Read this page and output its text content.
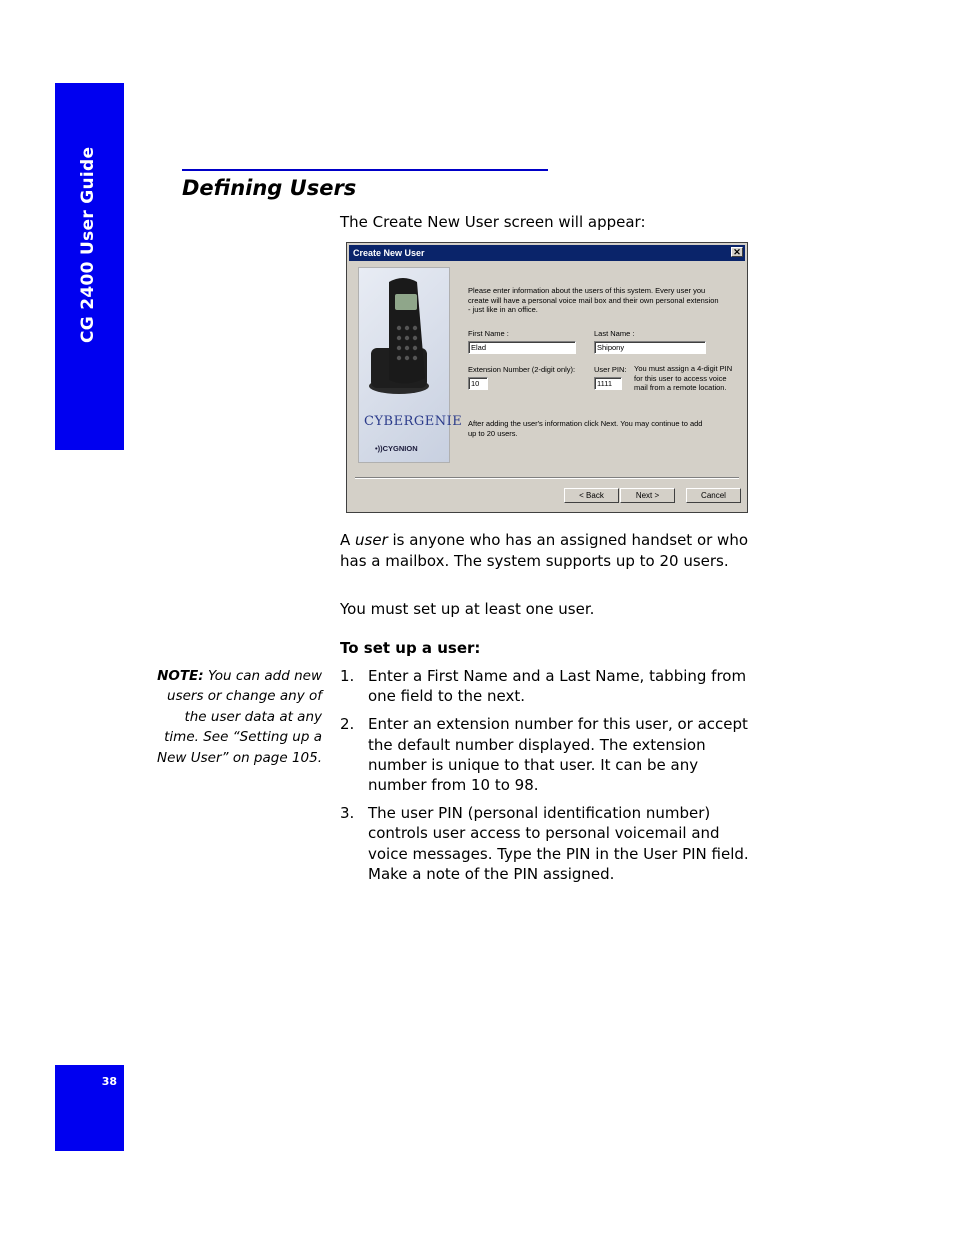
CG 2400 User Guide
38
Defining Users
The Create New User screen will appear:
Create New User	✕
CYBERGENIE
•))CYGNION
Please enter information about the users of this system. Every user you create will have a personal voice mail box and their own personal extension - just like in an office.
First Name :
Elad
Last Name :
Shipony
Extension Number (2-digit only):
10
User PIN:
1111
You must assign a 4-digit PIN for this user to access voice mail from a remote location.
After adding the user's information click Next. You may continue to add up to 20 users.
< Back	Next >	Cancel

A user is anyone who has an assigned handset or who has a mailbox. The system supports up to 20 users.

You must set up at least one user.

To set up a user:
NOTE: You can add new users or change any of the user data at any time. See “Setting up a New User” on page 105.
1. Enter a First Name and a Last Name, tabbing from one field to the next.
2. Enter an extension number for this user, or accept the default number displayed. The extension number is unique to that user. It can be any number from 10 to 98.
3. The user PIN (personal identification number) controls user access to personal voicemail and voice messages. Type the PIN in the User PIN field. Make a note of the PIN assigned.
